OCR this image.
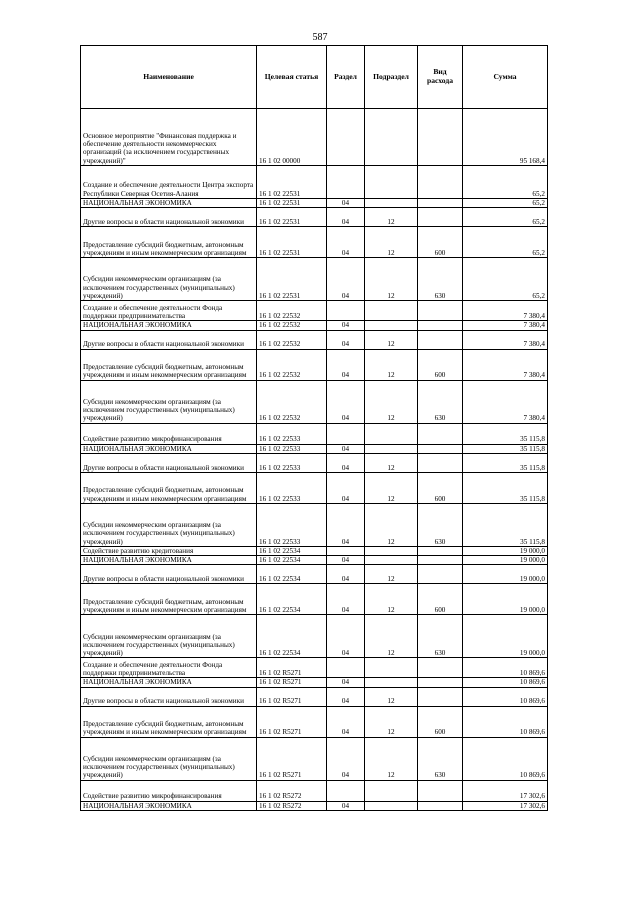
587
Наименование	Целевая статья	Раздел	Подраздел	Вид расхода	Сумма
Основное мероприятие "Финансовая поддержка и обеспечение деятельности некоммерческих организаций (за исключением государственных учреждений)"	16 1 02 00000				95 168,4
Создание и обеспечение деятельности Центра экспорта Республики Северная Осетия-Алания	16 1 02 22531				65,2
НАЦИОНАЛЬНАЯ ЭКОНОМИКА	16 1 02 22531	04			65,2
Другие вопросы в области национальной экономики	16 1 02 22531	04	12		65,2
Предоставление субсидий бюджетным, автономным учреждениям и иным некоммерческим организациям	16 1 02 22531	04	12	600	65,2
Субсидии некоммерческим организациям (за исключением государственных (муниципальных) учреждений)	16 1 02 22531	04	12	630	65,2
Создание и обеспечение деятельности Фонда поддержки предпринимательства	16 1 02 22532				7 380,4
НАЦИОНАЛЬНАЯ ЭКОНОМИКА	16 1 02 22532	04			7 380,4
Другие вопросы в области национальной экономики	16 1 02 22532	04	12		7 380,4
Предоставление субсидий бюджетным, автономным учреждениям и иным некоммерческим организациям	16 1 02 22532	04	12	600	7 380,4
Субсидии некоммерческим организациям (за исключением государственных (муниципальных) учреждений)	16 1 02 22532	04	12	630	7 380,4
Содействие развитию микрофинансирования	16 1 02 22533				35 115,8
НАЦИОНАЛЬНАЯ ЭКОНОМИКА	16 1 02 22533	04			35 115,8
Другие вопросы в области национальной экономики	16 1 02 22533	04	12		35 115,8
Предоставление субсидий бюджетным, автономным учреждениям и иным некоммерческим организациям	16 1 02 22533	04	12	600	35 115,8
Субсидии некоммерческим организациям (за исключением государственных (муниципальных) учреждений)	16 1 02 22533	04	12	630	35 115,8
Содействие развитию кредитования	16 1 02 22534				19 000,0
НАЦИОНАЛЬНАЯ ЭКОНОМИКА	16 1 02 22534	04			19 000,0
Другие вопросы в области национальной экономики	16 1 02 22534	04	12		19 000,0
Предоставление субсидий бюджетным, автономным учреждениям и иным некоммерческим организациям	16 1 02 22534	04	12	600	19 000,0
Субсидии некоммерческим организациям (за исключением государственных (муниципальных) учреждений)	16 1 02 22534	04	12	630	19 000,0
Создание и обеспечение деятельности Фонда поддержки предпринимательства	16 1 02 R5271				10 869,6
НАЦИОНАЛЬНАЯ ЭКОНОМИКА	16 1 02 R5271	04			10 869,6
Другие вопросы в области национальной экономики	16 1 02 R5271	04	12		10 869,6
Предоставление субсидий бюджетным, автономным учреждениям и иным некоммерческим организациям	16 1 02 R5271	04	12	600	10 869,6
Субсидии некоммерческим организациям (за исключением государственных (муниципальных) учреждений)	16 1 02 R5271	04	12	630	10 869,6
Содействие развитию микрофинансирования	16 1 02 R5272				17 302,6
НАЦИОНАЛЬНАЯ ЭКОНОМИКА	16 1 02 R5272	04			17 302,6
